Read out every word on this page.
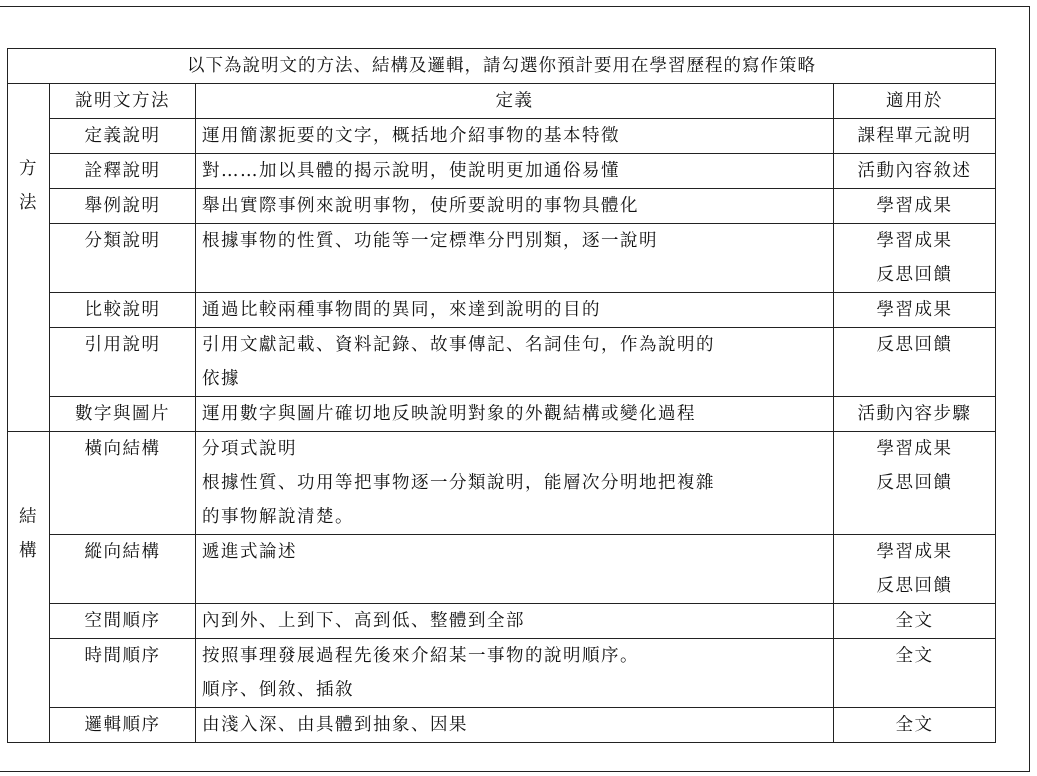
以下為說明文的方法、結構及邏輯，請勾選你預計要用在學習歷程的寫作策略			

方法	說明文方法	定義	適用於
	定義說明	運用簡潔扼要的文字，概括地介紹事物的基本特徵	課程單元說明

	詮釋說明	對……加以具體的揭示說明，使說明更加通俗易懂	活動內容敘述

	舉例說明	舉出實際事例來說明事物，使所要說明的事物具體化	學習成果

	分類說明	根據事物的性質、功能等一定標準分門別類，逐一說明	學習成果
反思回饋

	比較說明	通過比較兩種事物間的異同，來達到說明的目的	學習成果

	引用說明	引用文獻記載、資料記錄、故事傳記、名詞佳句，作為說明的
依據	反思回饋

	數字與圖片	運用數字與圖片確切地反映說明對象的外觀結構或變化過程	活動內容步驟

結構	橫向結構	分項式說明
根據性質、功用等把事物逐一分類說明，能層次分明地把複雜
的事物解說清楚。	學習成果
反思回饋

	縱向結構	遞進式論述	學習成果
反思回饋

	空間順序	內到外、上到下、高到低、整體到全部	全文

	時間順序	按照事理發展過程先後來介紹某一事物的說明順序。
順序、倒敘、插敘	全文

	邏輯順序	由淺入深、由具體到抽象、因果	全文
